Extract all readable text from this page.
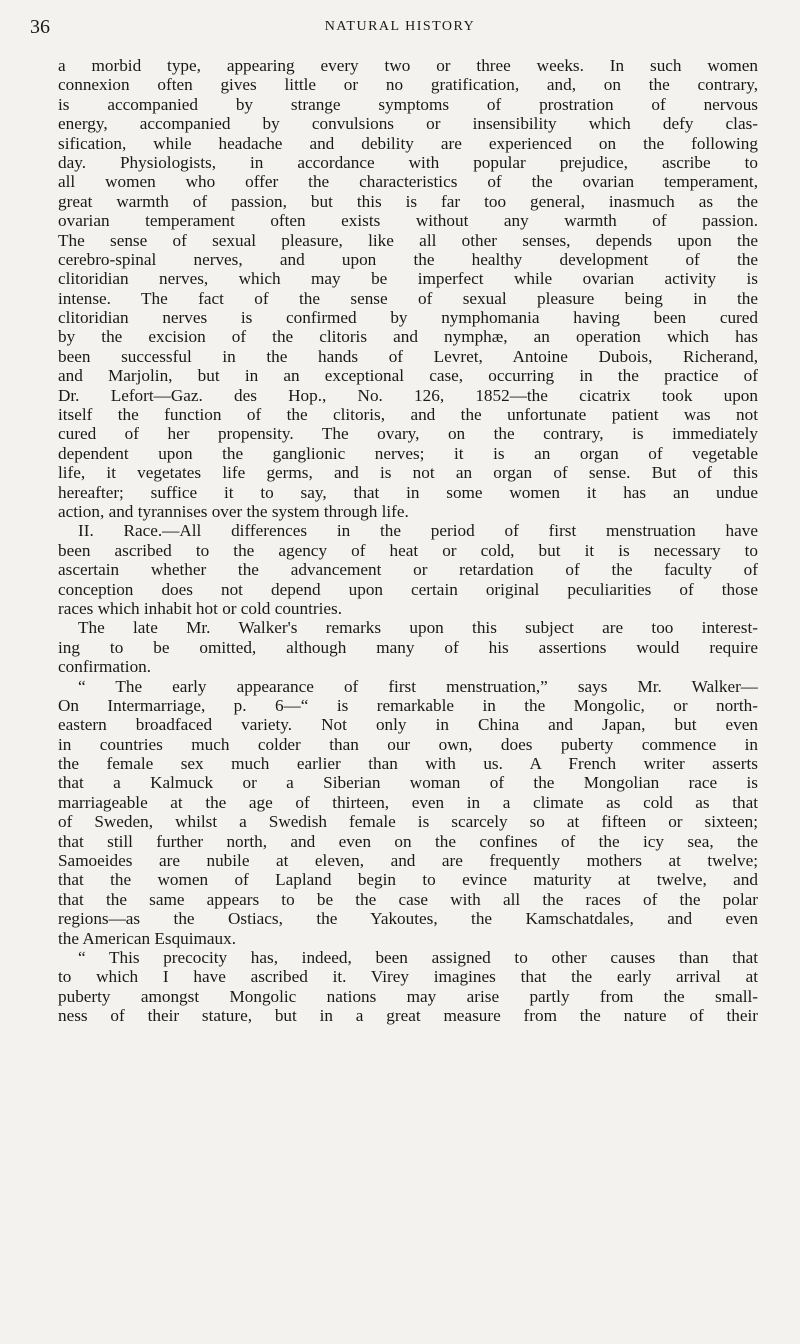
36	NATURAL HISTORY
a morbid type, appearing every two or three weeks. In such women
connexion often gives little or no gratification, and, on the contrary,
is accompanied by strange symptoms of prostration of nervous
energy, accompanied by convulsions or insensibility which defy clas-
sification, while headache and debility are experienced on the following
day. Physiologists, in accordance with popular prejudice, ascribe to
all women who offer the characteristics of the ovarian temperament,
great warmth of passion, but this is far too general, inasmuch as the
ovarian temperament often exists without any warmth of passion.
The sense of sexual pleasure, like all other senses, depends upon the
cerebro-spinal nerves, and upon the healthy development of the
clitoridian nerves, which may be imperfect while ovarian activity is
intense. The fact of the sense of sexual pleasure being in the
clitoridian nerves is confirmed by nymphomania having been cured
by the excision of the clitoris and nymphæ, an operation which has
been successful in the hands of Levret, Antoine Dubois, Richerand,
and Marjolin, but in an exceptional case, occurring in the practice of
Dr. Lefort—Gaz. des Hop., No. 126, 1852—the cicatrix took upon
itself the function of the clitoris, and the unfortunate patient was not
cured of her propensity. The ovary, on the contrary, is immediately
dependent upon the ganglionic nerves; it is an organ of vegetable
life, it vegetates life germs, and is not an organ of sense. But of this
hereafter; suffice it to say, that in some women it has an undue
action, and tyrannises over the system through life.
II. Race.—All differences in the period of first menstruation have
been ascribed to the agency of heat or cold, but it is necessary to
ascertain whether the advancement or retardation of the faculty of
conception does not depend upon certain original peculiarities of those
races which inhabit hot or cold countries.
The late Mr. Walker's remarks upon this subject are too interest-
ing to be omitted, although many of his assertions would require
confirmation.
“ The early appearance of first menstruation,” says Mr. Walker—
On Intermarriage, p. 6—“ is remarkable in the Mongolic, or north-
eastern broadfaced variety. Not only in China and Japan, but even
in countries much colder than our own, does puberty commence in
the female sex much earlier than with us. A French writer asserts
that a Kalmuck or a Siberian woman of the Mongolian race is
marriageable at the age of thirteen, even in a climate as cold as that
of Sweden, whilst a Swedish female is scarcely so at fifteen or sixteen;
that still further north, and even on the confines of the icy sea, the
Samoeides are nubile at eleven, and are frequently mothers at twelve;
that the women of Lapland begin to evince maturity at twelve, and
that the same appears to be the case with all the races of the polar
regions—as the Ostiacs, the Yakoutes, the Kamschatdales, and even
the American Esquimaux.
“ This precocity has, indeed, been assigned to other causes than that
to which I have ascribed it. Virey imagines that the early arrival at
puberty amongst Mongolic nations may arise partly from the small-
ness of their stature, but in a great measure from the nature of their
